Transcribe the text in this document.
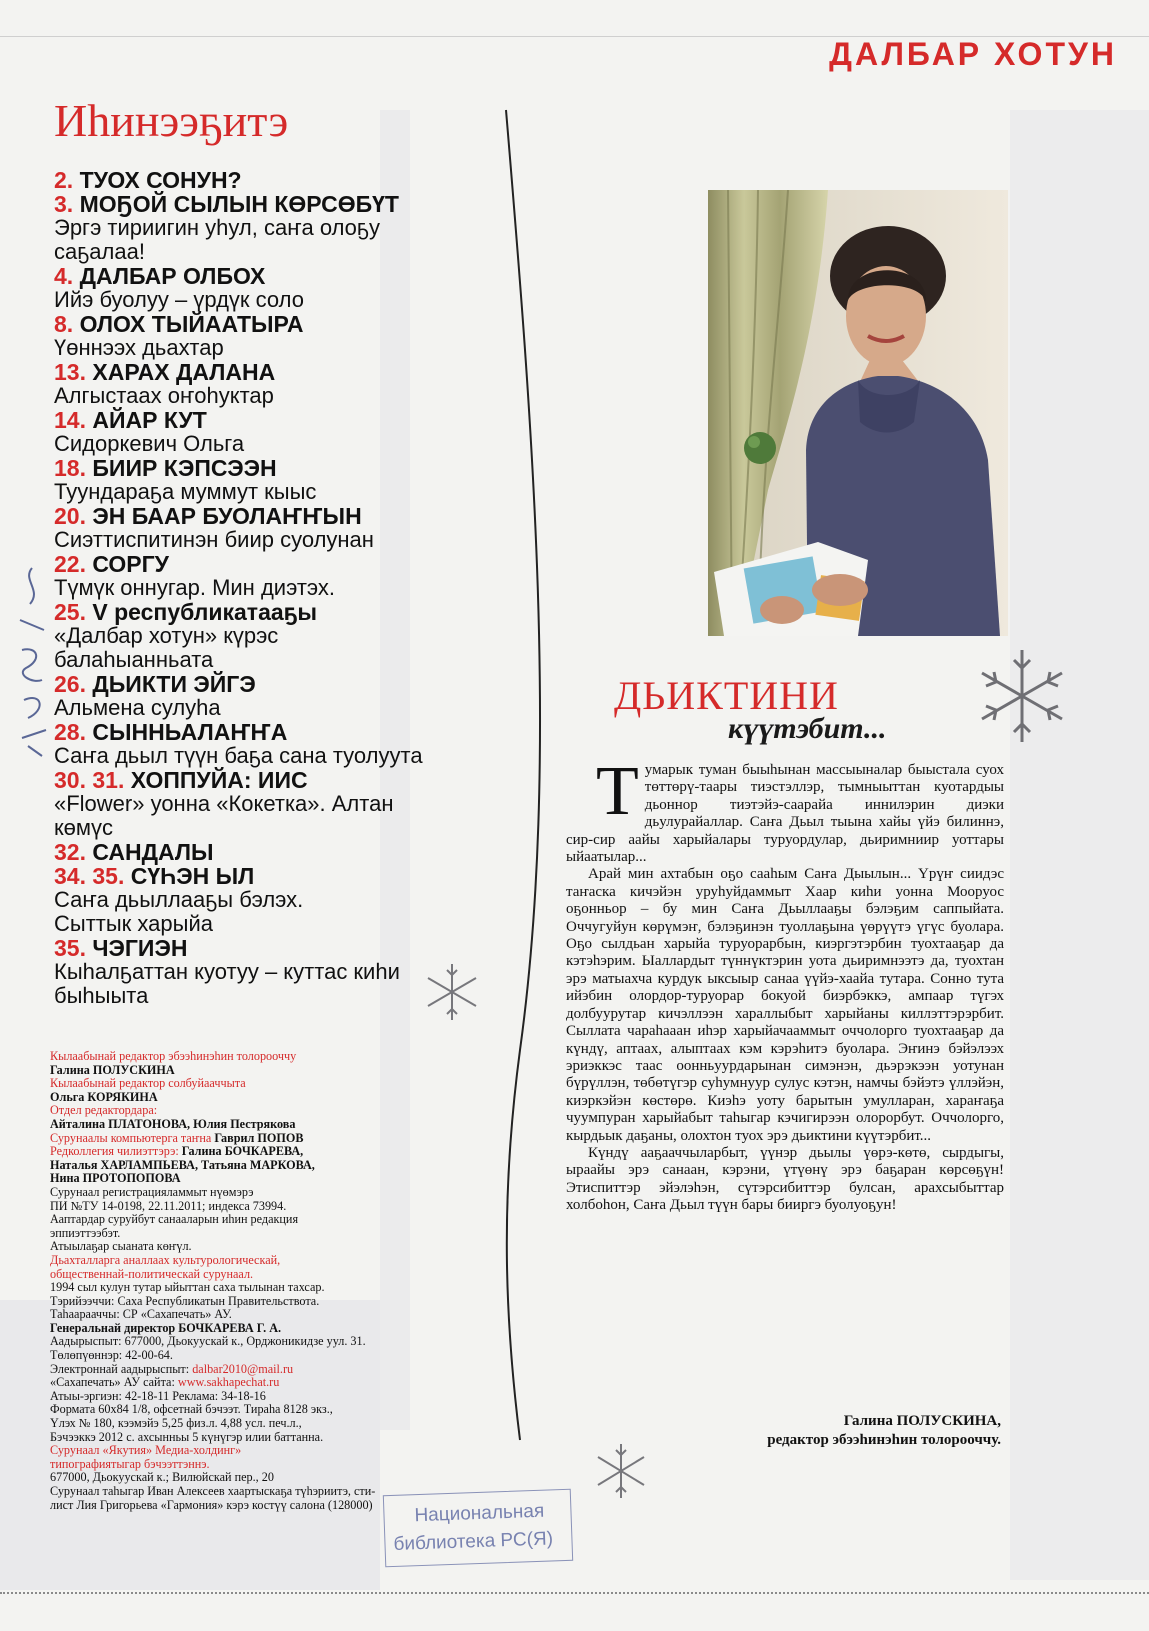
ДАЛБАР ХОТУН
Иһинээҕитэ
2. ТУОХ СОНУН?
3. МОҔОЙ СЫЛЫН КӨРСӨБҮТ
Эргэ тириигин уһул, саҥа олоҕу
саҕалаа!
4. ДАЛБАР ОЛБОХ
Ийэ буолуу – үрдүк соло
8. ОЛОХ ТЫЙААТЫРА
Үөннээх дьахтар
13. ХАРАХ ДАЛАНА
Алгыстаах оҥоһуктар
14. АЙАР КУТ
Сидоркевич Ольга
18. БИИР КЭПСЭЭН
Туундараҕа муммут кыыс
20. ЭН БААР БУОЛАҤҤЫН
Сиэттиспитинэн биир суолунан
22. СОРГУ
Түмүк оннугар. Мин диэтэх.
25. V республикатааҕы
«Далбар хотун» күрэс
балаһыанньата
26. ДЬИКТИ ЭЙГЭ
Альмена сулуһа
28. СЫННЬАЛАҤҤА
Саҥа дьыл түүн баҕа сана туолуута
30. 31. ХОППУЙА: ИИС
«Flower» уонна «Кокетка». Алтан
көмүс
32. САНДАЛЫ
34. 35. СҮҺЭН ЫЛ
Саҥа дьыллааҕы бэлэх.
Сыттык харыйа
35. ЧЭГИЭН
Кыһалҕаттан куотуу – куттас киһи
быһыыта
Кылаабынай редактор эбээһинэһин толорооччу
Галина ПОЛУСКИНА
Кылаабынай редактор солбуйааччыта
Ольга КОРЯКИНА
Отдел редактордара:
Айталина ПЛАТОНОВА, Юлия Пестрякова
Сурунаалы компьютерга таҥна Гаврил ПОПОВ
Редколлегия чилиэттэрэ: Галина БОЧКАРЕВА,
Наталья ХАРЛАМПЬЕВА, Татьяна МАРКОВА,
Нина ПРОТОПОПОВА
Сурунаал регистрацияламмыт нүөмэрэ
ПИ №ТУ 14-0198, 22.11.2011; индекса 73994.
Ааптардар суруйбут санааларын иһин редакция
эппиэттээбэт.
Атыылаҕар сыаната көҥүл.
Дьахталларга аналлаах культурологическай,
общественнай-политическай сурунаал.
1994 сыл кулун тутар ыйыттан саха тылынан тахсар.
Тэрийээччи: Саха Республикатын Правительствота.
Таһаарааччы: СР «Сахапечать» АУ.
Генеральнай директор БОЧКАРЕВА Г. А.
Аадырыспыт: 677000, Дьокуускай к., Орджоникидзе уул. 31.
Төлөпүөннэр: 42-00-64.
Электроннай аадырыспыт: dalbar2010@mail.ru
«Сахапечать» АУ сайта: www.sakhapechat.ru
Атыы-эргиэн: 42-18-11 Реклама: 34-18-16
Формата 60x84 1/8, офсетнай бэчээт. Тираһа 8128 экз.,
Үлэх № 180, кээмэйэ 5,25 физ.л. 4,88 усл. печ.л.,
Бэчээккэ 2012 с. ахсынньы 5 күнүгэр илии баттанна.
Сурунаал «Якутия» Медиа-холдинг»
типографиятыгар бэчээттэннэ.
677000, Дьокуускай к.; Вилюйскай пер., 20
Сурунаал таһыгар Иван Алексеев хаартыскаҕа түһэриитэ, сти-
лист Лия Григорьева «Гармония» кэрэ костүү салона (128000)	Национальная
библиотека РС(Я)
ДЬИКТИНИ
күүтэбит...

Тумарык туман быыһынан массыыналар быыстала суох төттөрү-таары тиэстэллэр, тымныыттан куотардыы дьоннор тиэтэйэ-саарайа иннилэрин диэки дьулурайаллар. Саҥа Дьыл тыына хайы үйэ билиннэ, сир-сир аайы харыйалары туруордулар, дьиримниир уоттары ыйаатылар...

Арай мин ахтабын оҕо сааһым Саҥа Дыылын... Үрүҥ сиидэс таҥаска кичэйэн уруһуйдаммыт Хаар киһи уонна Мооруос оҕонньор – бу мин Саҥа Дьыллааҕы бэлэҕим саппыйата. Оччугуйун көрүмэҥ, бэлэҕинэн туоллаҕына үөрүүтэ үгүс буолара. Оҕо сылдьан харыйа туруорарбын, киэргэтэрбин туохтааҕар да кэтэһэрим. Ыаллардыт түннүктэрин уота дьиримнээтэ да, туохтан эрэ матыахча курдук ыксыыр санаа үүйэ-хаайа тутара. Сонно тута ийэбин олордор-туруорар бокуой биэрбэккэ, ампаар түгэх долбуурутар кичэллээн хараллыбыт харыйаны киллэттэрэрбит. Сыллата чараһааан иһэр харыйачааммыт оччолорго туохтааҕар да күндү, аптаах, алыптаах кэм кэрэһитэ буолара. Эҥинэ бэйэлээх эриэккэс таас оонньуурдарынан симэнэн, дьэрэкээн уотунан бүрүллэн, төбөтүгэр суһумнуур сулус кэтэн, намчы бэйэтэ үллэйэн, киэркэйэн көстөрө. Киэһэ уоту барытын умуллаpaн, хараҥаҕа чуумпуран харыйабыт таһыгар кэчигирээн олорорбут. Оччолорго, кырдьык даҕаны, олохтон туох эрэ дьиктини күүтэрбит...

Күндү ааҕааччыларбыт, үүнэр дьылы үөрэ-көтө, сырдыгы, ыраайы эрэ санаан, кэрэни, үтүөнү эрэ баҕаран көрсөҕүн! Этиспиттэр эйэлэһэн, сүтэрсибиттэр булсан, арахсыбыттар холбоһон, Саҥа Дьыл түүн бары бииргэ буолуоҕун!

Галина ПОЛУСКИНА,
редактор эбээһинэһин толорооччу.
